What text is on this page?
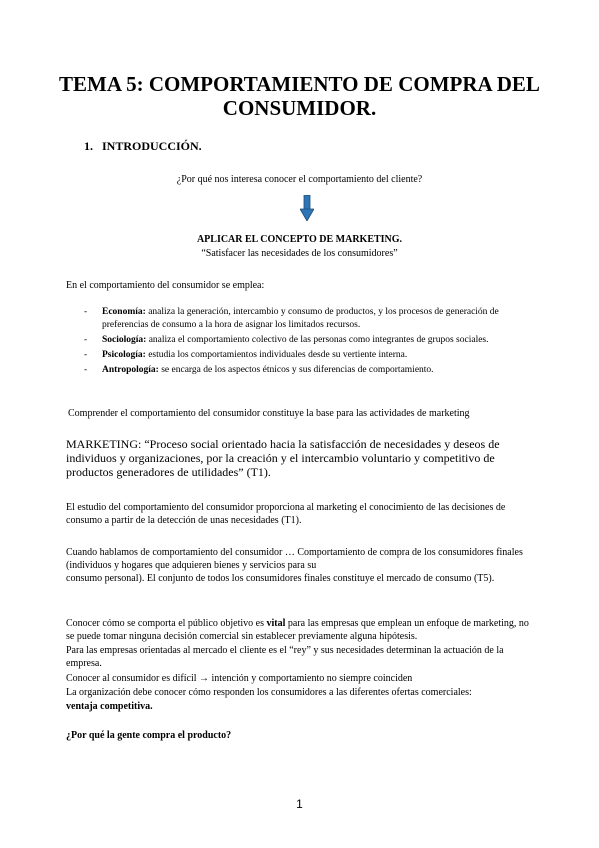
TEMA 5: COMPORTAMIENTO DE COMPRA DEL CONSUMIDOR.
1. INTRODUCCIÓN.

¿Por qué nos interesa conocer el comportamiento del cliente?

APLICAR EL CONCEPTO DE MARKETING.

“Satisfacer las necesidades de los consumidores”

En el comportamiento del consumidor se emplea:

- Economía: analiza la generación, intercambio y consumo de productos, y los procesos de generación de preferencias de consumo a la hora de asignar los limitados recursos.
- Sociología: analiza el comportamiento colectivo de las personas como integrantes de grupos sociales.
- Psicología: estudia los comportamientos individuales desde su vertiente interna.
- Antropología: se encarga de los aspectos étnicos y sus diferencias de comportamiento.

Comprender el comportamiento del consumidor constituye la base para las actividades de marketing

MARKETING: “Proceso social orientado hacia la satisfacción de necesidades y deseos de individuos y organizaciones, por la creación y el intercambio voluntario y competitivo de productos generadores de utilidades” (T1).

El estudio del comportamiento del consumidor proporciona al marketing el conocimiento de las decisiones de consumo a partir de la detección de unas necesidades (T1).

Cuando hablamos de comportamiento del consumidor … Comportamiento de compra de los consumidores finales (individuos y hogares que adquieren bienes y servicios para su
consumo personal). El conjunto de todos los consumidores finales constituye el mercado de consumo (T5).

Conocer cómo se comporta el público objetivo es vital para las empresas que emplean un enfoque de marketing, no se puede tomar ninguna decisión comercial sin establecer previamente alguna hipótesis.

Para las empresas orientadas al mercado el cliente es el “rey” y sus necesidades determinan la actuación de la empresa.

Conocer al consumidor es difícil → intención y comportamiento no siempre coinciden

La organización debe conocer cómo responden los consumidores a las diferentes ofertas comerciales:

ventaja competitiva.

¿Por qué la gente compra el producto?

1
